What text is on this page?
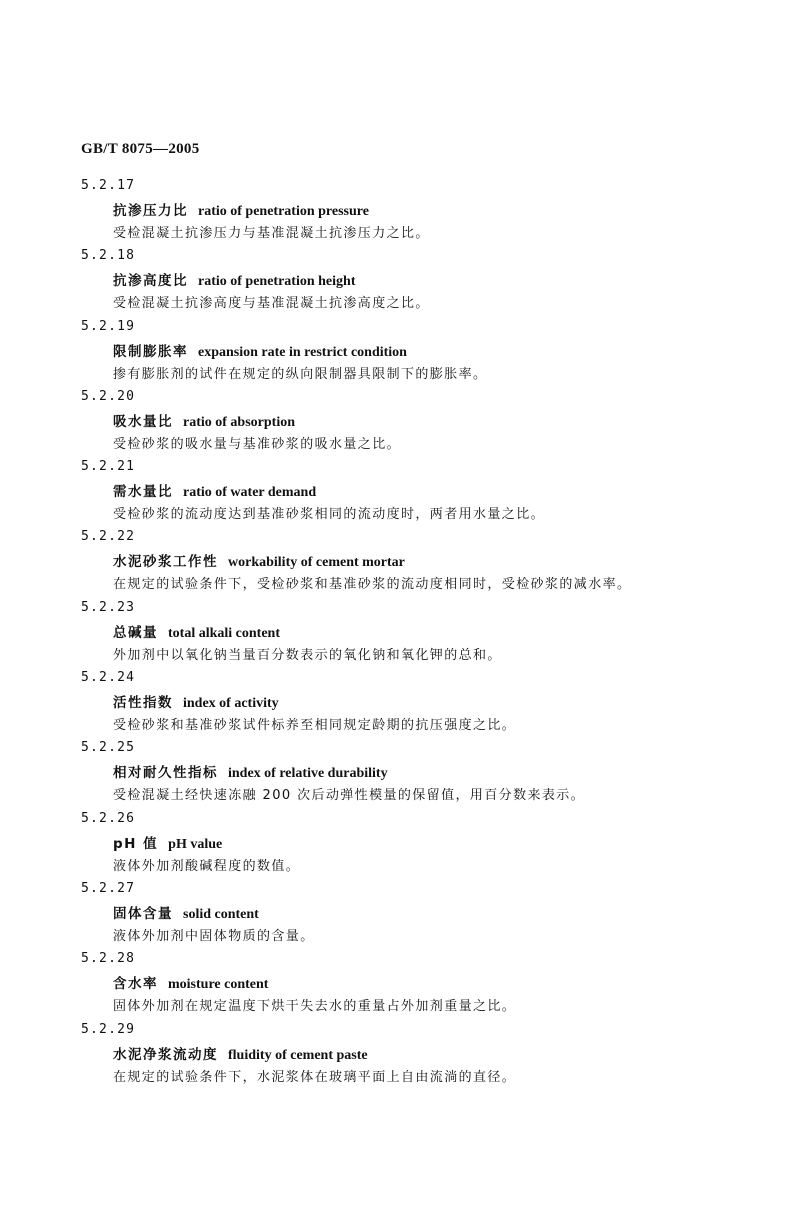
GB/T 8075—2005
5.2.17
抗渗压力比 ratio of penetration pressure
受检混凝土抗渗压力与基准混凝土抗渗压力之比。
5.2.18
抗渗高度比 ratio of penetration height
受检混凝土抗渗高度与基准混凝土抗渗高度之比。
5.2.19
限制膨胀率 expansion rate in restrict condition
掺有膨胀剂的试件在规定的纵向限制器具限制下的膨胀率。
5.2.20
吸水量比 ratio of absorption
受检砂浆的吸水量与基准砂浆的吸水量之比。
5.2.21
需水量比 ratio of water demand
受检砂浆的流动度达到基准砂浆相同的流动度时，两者用水量之比。
5.2.22
水泥砂浆工作性 workability of cement mortar
在规定的试验条件下，受检砂浆和基准砂浆的流动度相同时，受检砂浆的减水率。
5.2.23
总碱量 total alkali content
外加剂中以氧化钠当量百分数表示的氧化钠和氧化钾的总和。
5.2.24
活性指数 index of activity
受检砂浆和基准砂浆试件标养至相同规定龄期的抗压强度之比。
5.2.25
相对耐久性指标 index of relative durability
受检混凝土经快速冻融 200 次后动弹性模量的保留值，用百分数来表示。
5.2.26
pH 值 pH value
液体外加剂酸碱程度的数值。
5.2.27
固体含量 solid content
液体外加剂中固体物质的含量。
5.2.28
含水率 moisture content
固体外加剂在规定温度下烘干失去水的重量占外加剂重量之比。
5.2.29
水泥净浆流动度 fluidity of cement paste
在规定的试验条件下，水泥浆体在玻璃平面上自由流淌的直径。
